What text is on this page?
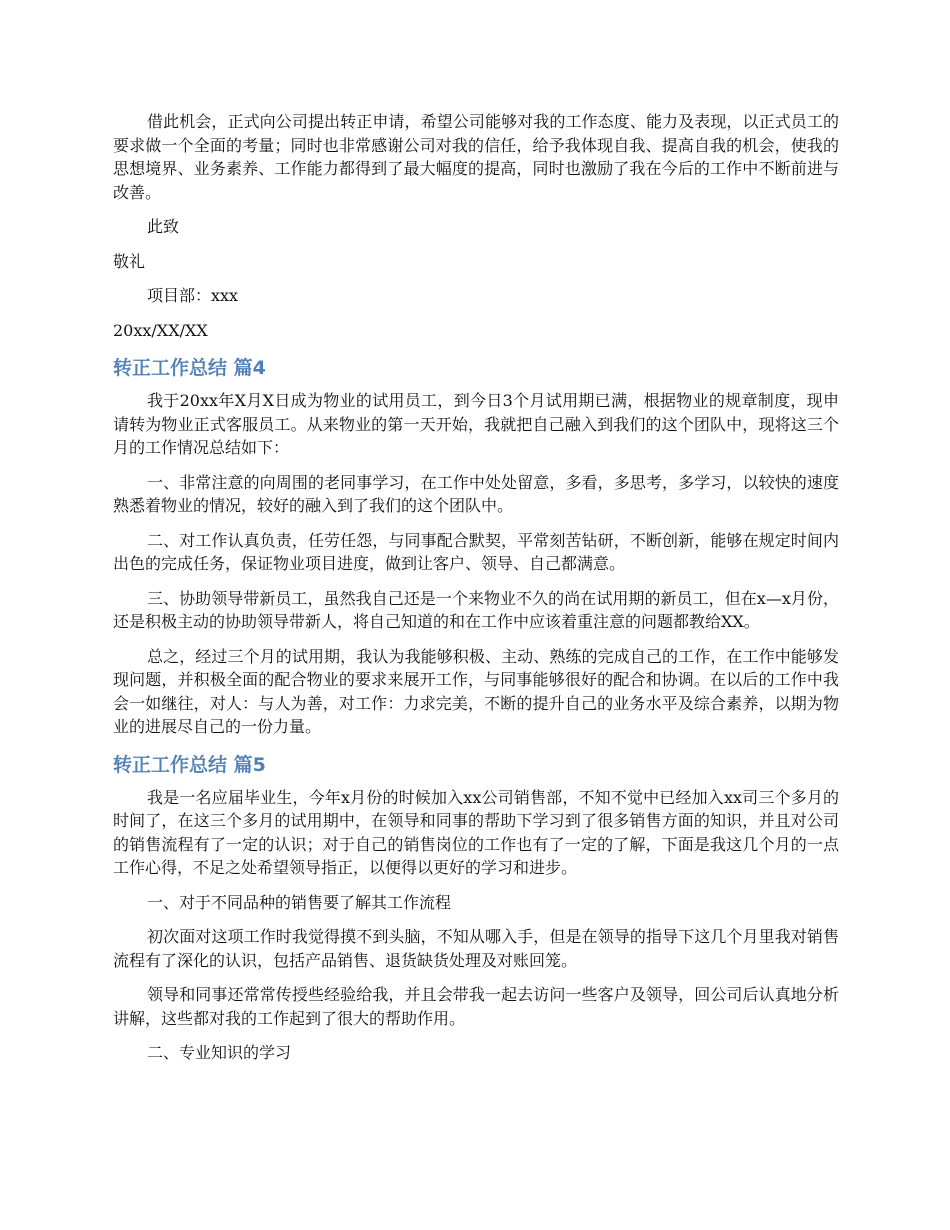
借此机会，正式向公司提出转正申请，希望公司能够对我的工作态度、能力及表现，以正式员工的要求做一个全面的考量；同时也非常感谢公司对我的信任，给予我体现自我、提高自我的机会，使我的思想境界、业务素养、工作能力都得到了最大幅度的提高，同时也激励了我在今后的工作中不断前进与改善。

此致

敬礼

项目部：xxx

20xx/XX/XX

转正工作总结 篇4

我于20xx年X月X日成为物业的试用员工，到今日3个月试用期已满，根据物业的规章制度，现申请转为物业正式客服员工。从来物业的第一天开始，我就把自己融入到我们的这个团队中，现将这三个月的工作情况总结如下：

一、非常注意的向周围的老同事学习，在工作中处处留意，多看，多思考，多学习，以较快的速度熟悉着物业的情况，较好的融入到了我们的这个团队中。

二、对工作认真负责，任劳任怨，与同事配合默契，平常刻苦钻研，不断创新，能够在规定时间内出色的完成任务，保证物业项目进度，做到让客户、领导、自己都满意。

三、协助领导带新员工，虽然我自己还是一个来物业不久的尚在试用期的新员工，但在x—x月份，还是积极主动的协助领导带新人，将自己知道的和在工作中应该着重注意的问题都教给XX。

总之，经过三个月的试用期，我认为我能够积极、主动、熟练的完成自己的工作，在工作中能够发现问题，并积极全面的配合物业的要求来展开工作，与同事能够很好的配合和协调。在以后的工作中我会一如继往，对人：与人为善，对工作：力求完美，不断的提升自己的业务水平及综合素养，以期为物业的进展尽自己的一份力量。

转正工作总结 篇5

我是一名应届毕业生，今年x月份的时候加入xx公司销售部，不知不觉中已经加入xx司三个多月的时间了，在这三个多月的试用期中，在领导和同事的帮助下学习到了很多销售方面的知识，并且对公司的销售流程有了一定的认识；对于自己的销售岗位的工作也有了一定的了解，下面是我这几个月的一点工作心得，不足之处希望领导指正，以便得以更好的学习和进步。

一、对于不同品种的销售要了解其工作流程

初次面对这项工作时我觉得摸不到头脑，不知从哪入手，但是在领导的指导下这几个月里我对销售流程有了深化的认识，包括产品销售、退货缺货处理及对账回笼。

领导和同事还常常传授些经验给我，并且会带我一起去访问一些客户及领导，回公司后认真地分析讲解，这些都对我的工作起到了很大的帮助作用。

二、专业知识的学习
